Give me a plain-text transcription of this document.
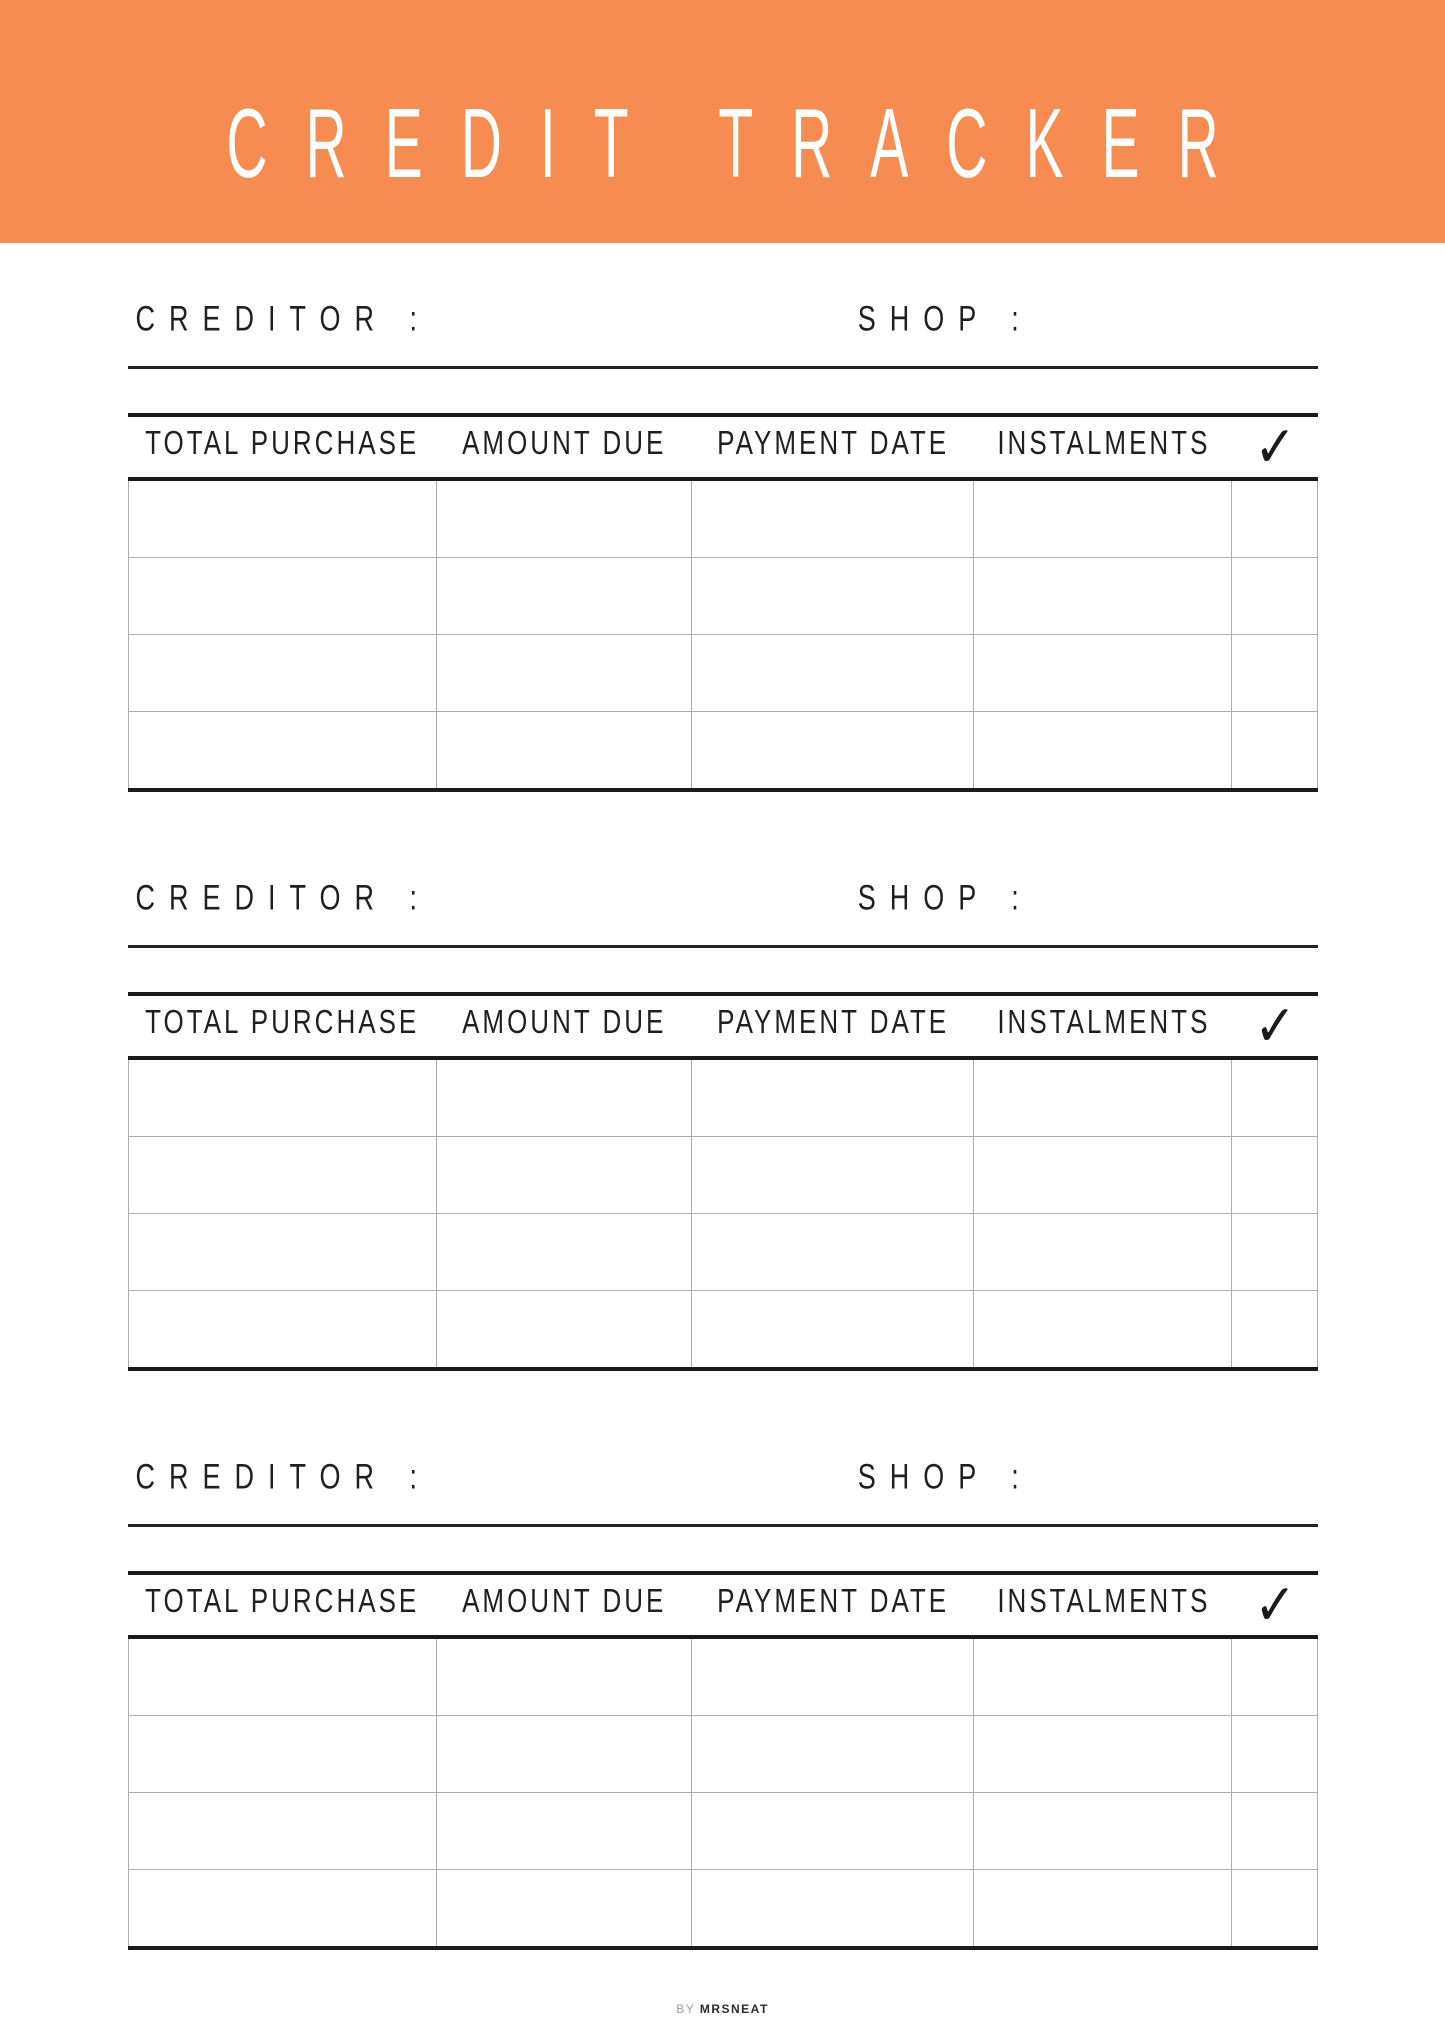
CREDIT TRACKER
CREDITOR :	SHOP :
TOTAL PURCHASE	AMOUNT DUE	PAYMENT DATE	INSTALMENTS ✓
CREDITOR :	SHOP :
TOTAL PURCHASE	AMOUNT DUE	PAYMENT DATE	INSTALMENTS ✓
CREDITOR :	SHOP :
TOTAL PURCHASE	AMOUNT DUE	PAYMENT DATE	INSTALMENTS ✓
BY MRSNEAT
